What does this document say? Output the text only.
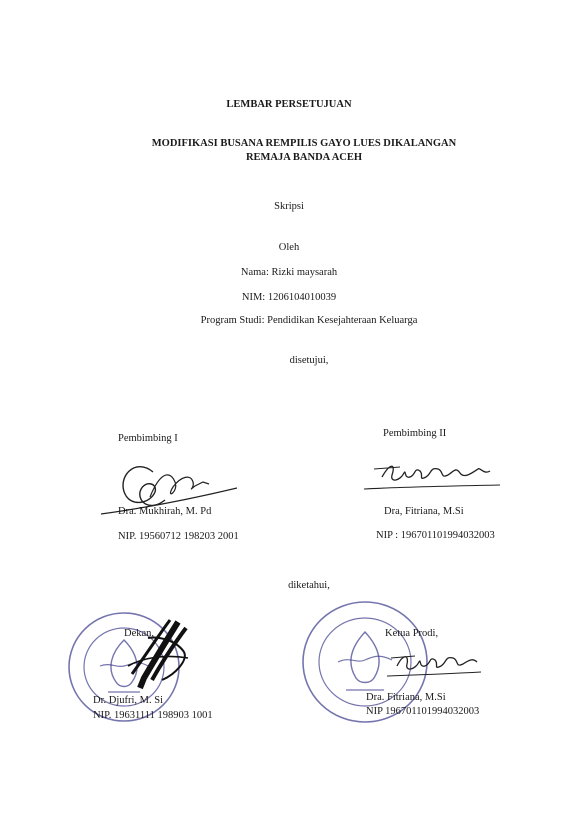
LEMBAR PERSETUJUAN
MODIFIKASI BUSANA REMPILIS GAYO LUES DIKALANGAN
REMAJA BANDA ACEH
Skripsi
Oleh
Nama: Rizki maysarah
NIM: 1206104010039
Program Studi: Pendidikan Kesejahteraan Keluarga
disetujui,
Pembimbing I
Dra. Mukhirah, M. Pd
NIP. 19560712 198203 2001
Pembimbing II
Dra, Fitriana, M.Si
NIP : 196701101994032003
diketahui,
Dekan,
Dr. Djufri, M. Si
NIP. 19631111 198903 1001
Ketua Prodi,
Dra. Fitriana, M.Si
NIP 196701101994032003
